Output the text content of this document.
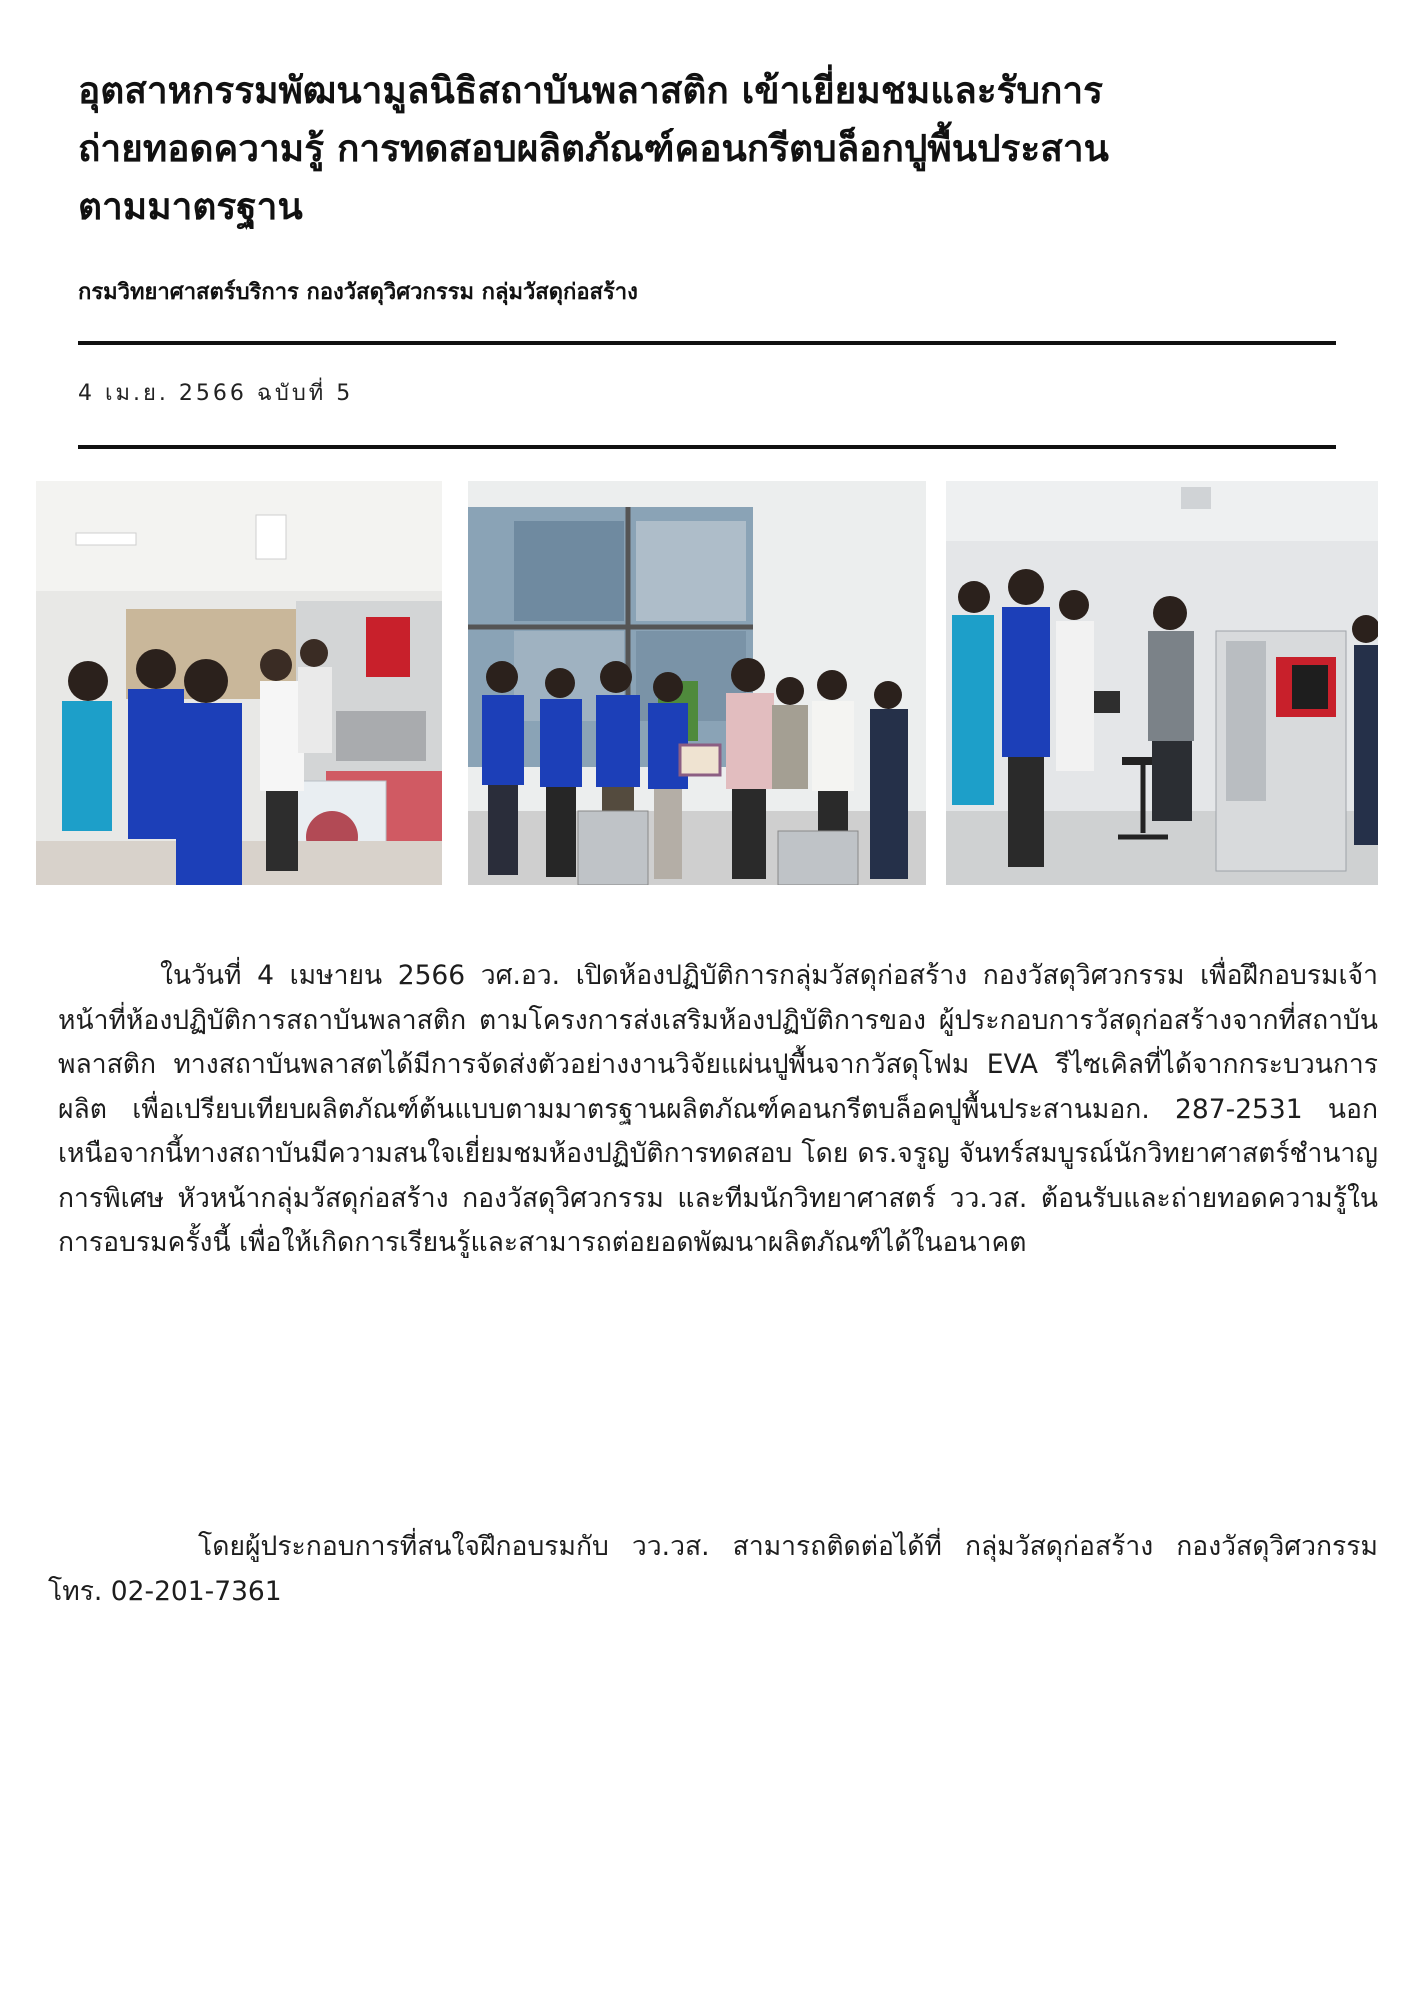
อุตสาหกรรมพัฒนามูลนิธิสถาบันพลาสติก เข้าเยี่ยมชมและรับการ
ถ่ายทอดความรู้ การทดสอบผลิตภัณฑ์คอนกรีตบล็อกปูพื้นประสาน
ตามมาตรฐาน

กรมวิทยาศาสตร์บริการ กองวัสดุวิศวกรรม กลุ่มวัสดุก่อสร้าง

4 เม.ย. 2566 ฉบับที่ 5

ในวันที่ 4 เมษายน 2566 วศ.อว. เปิดห้องปฏิบัติการกลุ่มวัสดุก่อสร้าง กองวัสดุวิศวกรรม เพื่อฝึกอบรมเจ้าหน้าที่ห้องปฏิบัติการสถาบันพลาสติก ตามโครงการส่งเสริมห้องปฏิบัติการของ ผู้ประกอบการวัสดุก่อสร้างจากที่สถาบันพลาสติก ทางสถาบันพลาสตได้มีการจัดส่งตัวอย่างงานวิจัยแผ่นปูพื้นจากวัสดุโฟม EVA รีไซเคิลที่ได้จากกระบวนการผลิต เพื่อเปรียบเทียบผลิตภัณฑ์ต้นแบบตามมาตรฐานผลิตภัณฑ์คอนกรีตบล็อคปูพื้นประสานมอก. 287-2531 นอกเหนือจากนี้ทางสถาบันมีความสนใจเยี่ยมชมห้องปฏิบัติการทดสอบ โดย ดร.จรูญ จันทร์สมบูรณ์นักวิทยาศาสตร์ชำนาญการพิเศษ หัวหน้ากลุ่มวัสดุก่อสร้าง กองวัสดุวิศวกรรม และทีมนักวิทยาศาสตร์ วว.วส. ต้อนรับและถ่ายทอดความรู้ในการอบรมครั้งนี้ เพื่อให้เกิดการเรียนรู้และสามารถต่อยอดพัฒนาผลิตภัณฑ์ได้ในอนาคต

โดยผู้ประกอบการที่สนใจฝึกอบรมกับ วว.วส. สามารถติดต่อได้ที่ กลุ่มวัสดุก่อสร้าง กองวัสดุวิศวกรรม โทร. 02-201-7361
